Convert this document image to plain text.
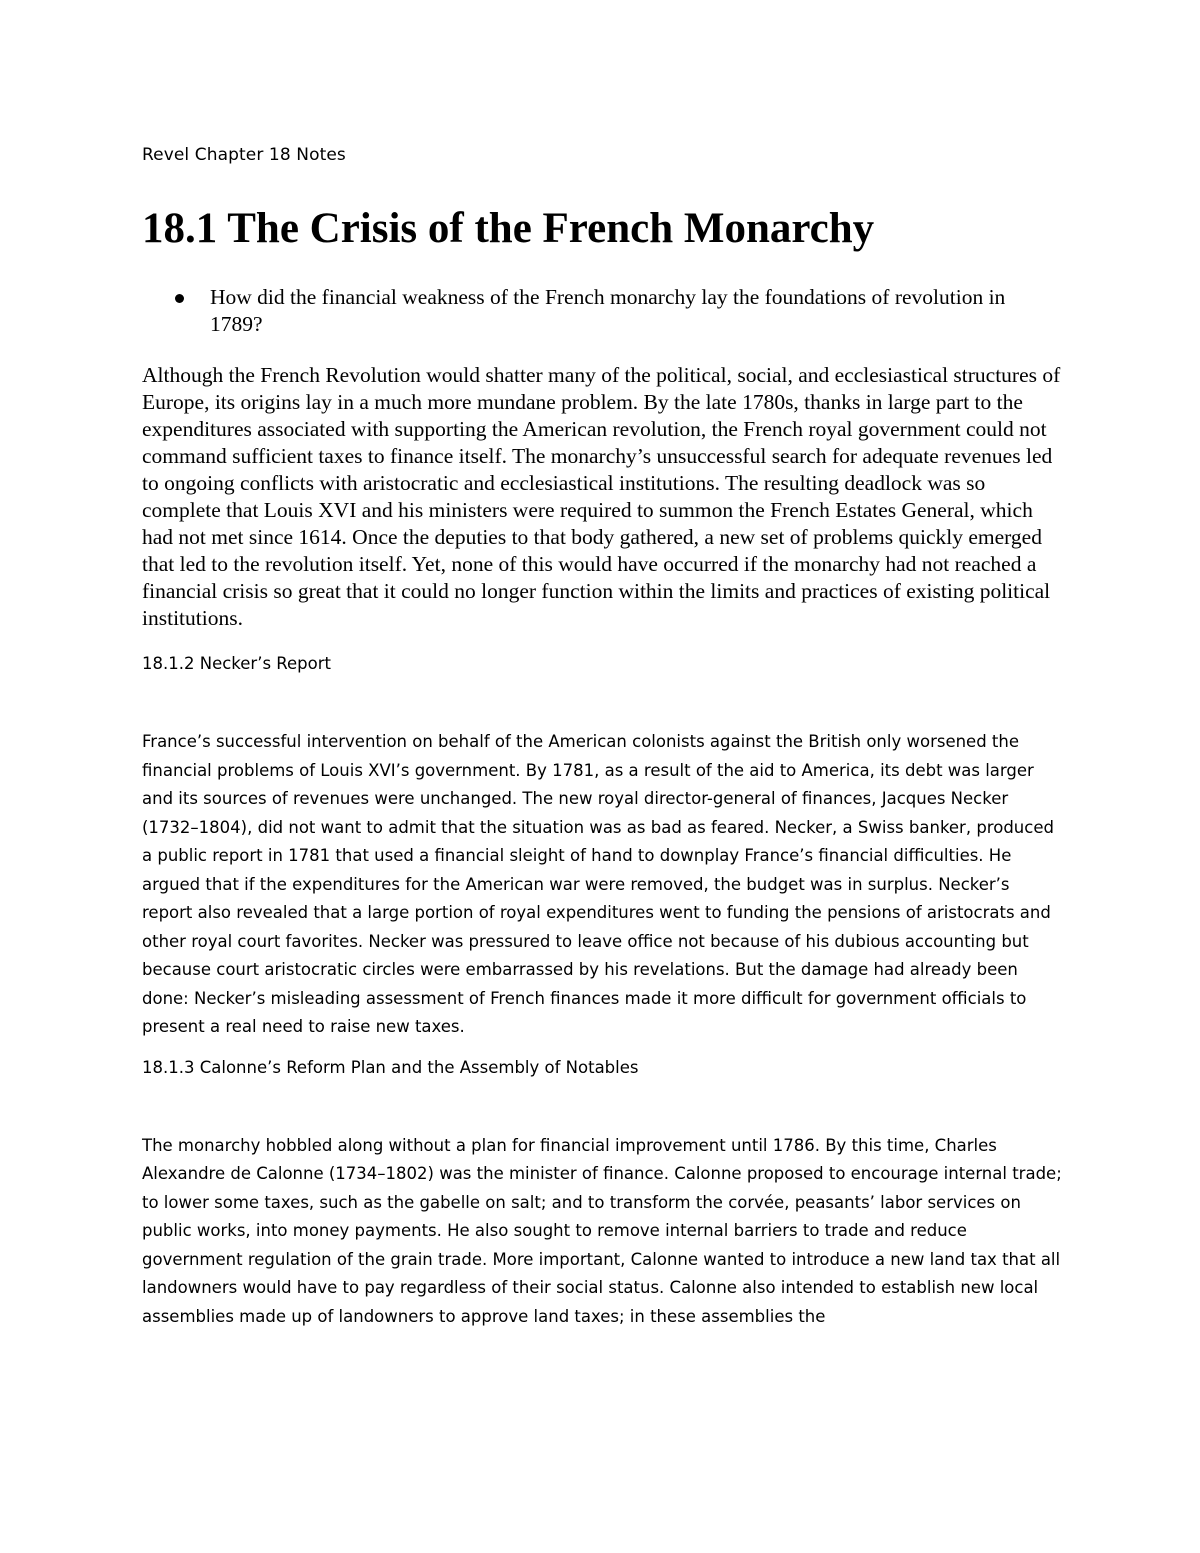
Revel Chapter 18 Notes

18.1 The Crisis of the French Monarchy
How did the financial weakness of the French monarchy lay the foundations of revolution in 1789?

Although the French Revolution would shatter many of the political, social, and ecclesiastical structures of Europe, its origins lay in a much more mundane problem. By the late 1780s, thanks in large part to the expenditures associated with supporting the American revolution, the French royal government could not command sufficient taxes to finance itself. The monarchy’s unsuccessful search for adequate revenues led to ongoing conflicts with aristocratic and ecclesiastical institutions. The resulting deadlock was so complete that Louis XVI and his ministers were required to summon the French Estates General, which had not met since 1614. Once the deputies to that body gathered, a new set of problems quickly emerged that led to the revolution itself. Yet, none of this would have occurred if the monarchy had not reached a financial crisis so great that it could no longer function within the limits and practices of existing political institutions.

18.1.2 Necker’s Report

France’s successful intervention on behalf of the American colonists against the British only worsened the financial problems of Louis XVI’s government. By 1781, as a result of the aid to America, its debt was larger and its sources of revenues were unchanged. The new royal director-general of finances, Jacques Necker (1732–1804), did not want to admit that the situation was as bad as feared. Necker, a Swiss banker, produced a public report in 1781 that used a financial sleight of hand to downplay France’s financial difficulties. He argued that if the expenditures for the American war were removed, the budget was in surplus. Necker’s report also revealed that a large portion of royal expenditures went to funding the pensions of aristocrats and other royal court favorites. Necker was pressured to leave office not because of his dubious accounting but because court aristocratic circles were embarrassed by his revelations. But the damage had already been done: Necker’s misleading assessment of French finances made it more difficult for government officials to present a real need to raise new taxes.

18.1.3 Calonne’s Reform Plan and the Assembly of Notables

The monarchy hobbled along without a plan for financial improvement until 1786. By this time, Charles Alexandre de Calonne (1734–1802) was the minister of finance. Calonne proposed to encourage internal trade; to lower some taxes, such as the gabelle on salt; and to transform the corvée, peasants’ labor services on public works, into money payments. He also sought to remove internal barriers to trade and reduce government regulation of the grain trade. More important, Calonne wanted to introduce a new land tax that all landowners would have to pay regardless of their social status. Calonne also intended to establish new local assemblies made up of landowners to approve land taxes; in these assemblies the
